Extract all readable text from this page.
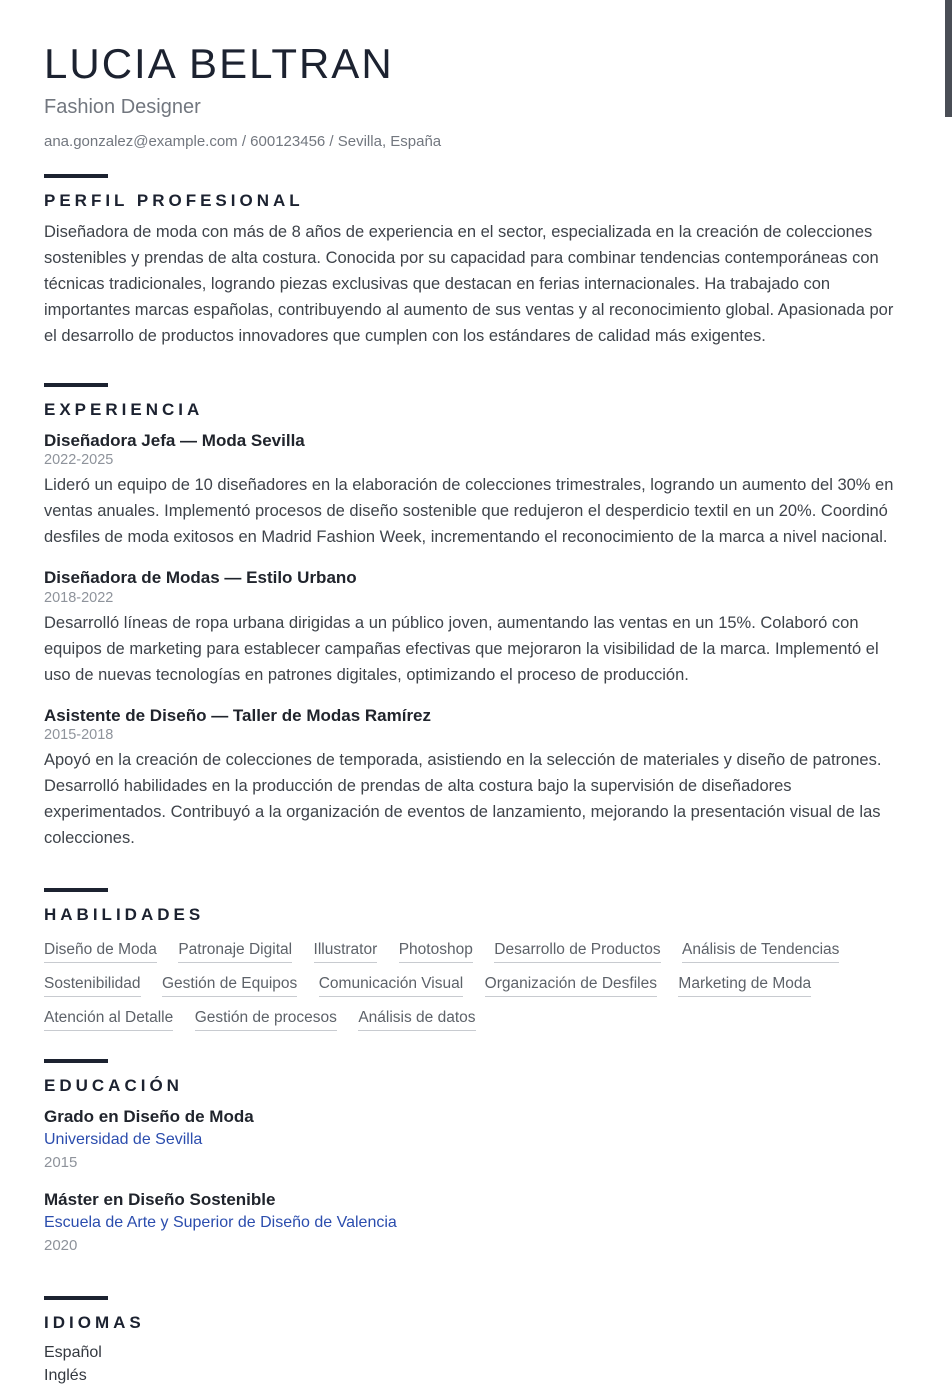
LUCIA BELTRAN
Fashion Designer
ana.gonzalez@example.com / 600123456 / Sevilla, España
PERFIL PROFESIONAL

Diseñadora de moda con más de 8 años de experiencia en el sector, especializada en la creación de colecciones sostenibles y prendas de alta costura. Conocida por su capacidad para combinar tendencias contemporáneas con técnicas tradicionales, logrando piezas exclusivas que destacan en ferias internacionales. Ha trabajado con importantes marcas españolas, contribuyendo al aumento de sus ventas y al reconocimiento global. Apasionada por el desarrollo de productos innovadores que cumplen con los estándares de calidad más exigentes.

EXPERIENCIA
Diseñadora Jefa — Moda Sevilla
2022-2025

Lideró un equipo de 10 diseñadores en la elaboración de colecciones trimestrales, logrando un aumento del 30% en ventas anuales. Implementó procesos de diseño sostenible que redujeron el desperdicio textil en un 20%. Coordinó desfiles de moda exitosos en Madrid Fashion Week, incrementando el reconocimiento de la marca a nivel nacional.

Diseñadora de Modas — Estilo Urbano
2018-2022

Desarrolló líneas de ropa urbana dirigidas a un público joven, aumentando las ventas en un 15%. Colaboró con equipos de marketing para establecer campañas efectivas que mejoraron la visibilidad de la marca. Implementó el uso de nuevas tecnologías en patrones digitales, optimizando el proceso de producción.

Asistente de Diseño — Taller de Modas Ramírez
2015-2018

Apoyó en la creación de colecciones de temporada, asistiendo en la selección de materiales y diseño de patrones. Desarrolló habilidades en la producción de prendas de alta costura bajo la supervisión de diseñadores experimentados. Contribuyó a la organización de eventos de lanzamiento, mejorando la presentación visual de las colecciones.

HABILIDADES
Diseño de Moda Patronaje Digital Illustrator Photoshop Desarrollo de Productos Análisis de Tendencias Sostenibilidad Gestión de Equipos Comunicación Visual Organización de Desfiles Marketing de Moda Atención al Detalle Gestión de procesos Análisis de datos
EDUCACIÓN
Grado en Diseño de Moda
Universidad de Sevilla
2015
Máster en Diseño Sostenible
Escuela de Arte y Superior de Diseño de Valencia
2020
IDIOMAS
Español
Inglés
